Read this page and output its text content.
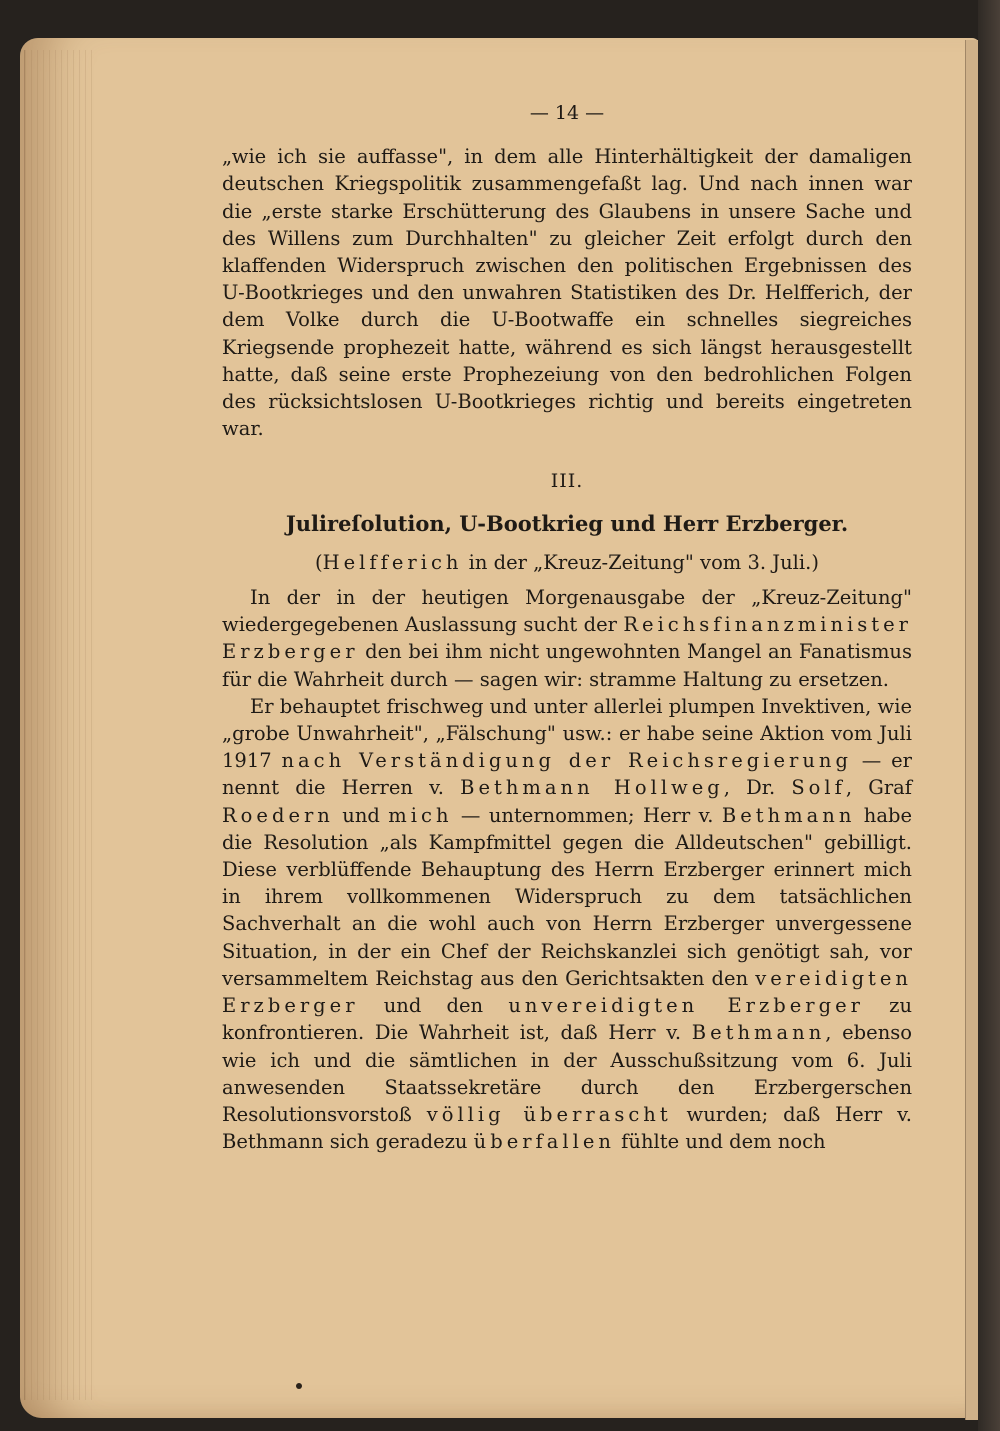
— 14 —

„wie ich sie auffasse", in dem alle Hinterhältigkeit der damaligen deutschen Kriegspolitik zusammengefaßt lag. Und nach innen war die „erste starke Erschütterung des Glaubens in unsere Sache und des Willens zum Durchhalten" zu gleicher Zeit erfolgt durch den klaffenden Widerspruch zwischen den politischen Ergebnissen des U-Bootkrieges und den unwahren Statistiken des Dr. Helfferich, der dem Volke durch die U-Bootwaffe ein schnelles siegreiches Kriegsende prophezeit hatte, während es sich längst herausgestellt hatte, daß seine erste Prophezeiung von den bedrohlichen Folgen des rücksichtslosen U-Bootkrieges richtig und bereits eingetreten war.

III.
Julireſolution, U-Bootkrieg und Herr Erzberger.
(Helfferich in der „Kreuz-Zeitung" vom 3. Juli.)

In der in der heutigen Morgenausgabe der „Kreuz-Zeitung" wiedergegebenen Auslassung sucht der Reichsfinanzminister Erzberger den bei ihm nicht ungewohnten Mangel an Fanatismus für die Wahrheit durch — sagen wir: stramme Haltung zu ersetzen.

Er behauptet frischweg und unter allerlei plumpen Invektiven, wie „grobe Unwahrheit", „Fälschung" usw.: er habe seine Aktion vom Juli 1917 nach Verständigung der Reichsregierung — er nennt die Herren v. Bethmann Hollweg, Dr. Solf, Graf Roedern und mich — unternommen; Herr v. Bethmann habe die Resolution „als Kampfmittel gegen die Alldeutschen" gebilligt. Diese verblüffende Behauptung des Herrn Erzberger erinnert mich in ihrem vollkommenen Widerspruch zu dem tatsächlichen Sachverhalt an die wohl auch von Herrn Erzberger unvergessene Situation, in der ein Chef der Reichskanzlei sich genötigt sah, vor versammeltem Reichstag aus den Gerichtsakten den vereidigten Erzberger und den unvereidigten Erzberger zu konfrontieren. Die Wahrheit ist, daß Herr v. Bethmann, ebenso wie ich und die sämtlichen in der Ausschußsitzung vom 6. Juli anwesenden Staatssekretäre durch den Erzbergerschen Resolutionsvorstoß völlig überrascht wurden; daß Herr v. Bethmann sich geradezu überfallen fühlte und dem noch
